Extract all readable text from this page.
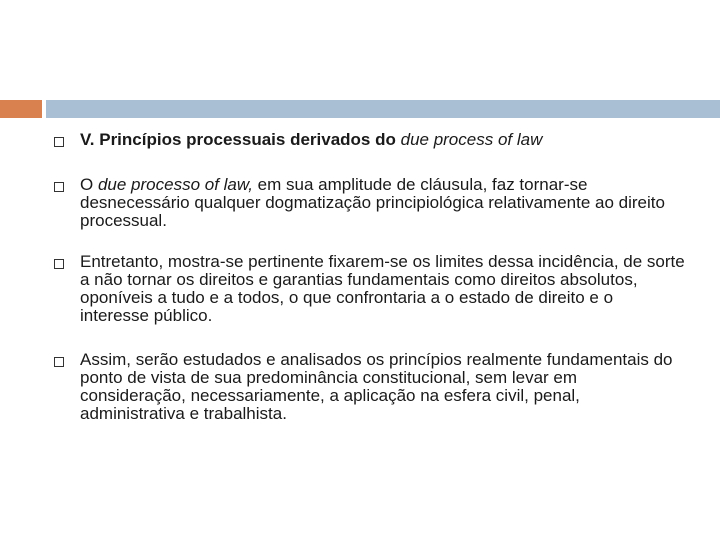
V. Princípios processuais derivados do due process of law
O due processo of law, em sua amplitude de cláusula, faz tornar-se desnecessário qualquer dogmatização principiológica relativamente ao direito processual.
Entretanto, mostra-se pertinente fixarem-se os limites dessa incidência, de sorte a não tornar os direitos e garantias fundamentais como direitos absolutos, oponíveis a tudo e a todos, o que confrontaria a o estado de direito e o interesse público.
Assim, serão estudados e analisados os princípios realmente fundamentais do ponto de vista de sua predominância constitucional, sem levar em consideração, necessariamente, a aplicação na esfera civil, penal, administrativa e trabalhista.
